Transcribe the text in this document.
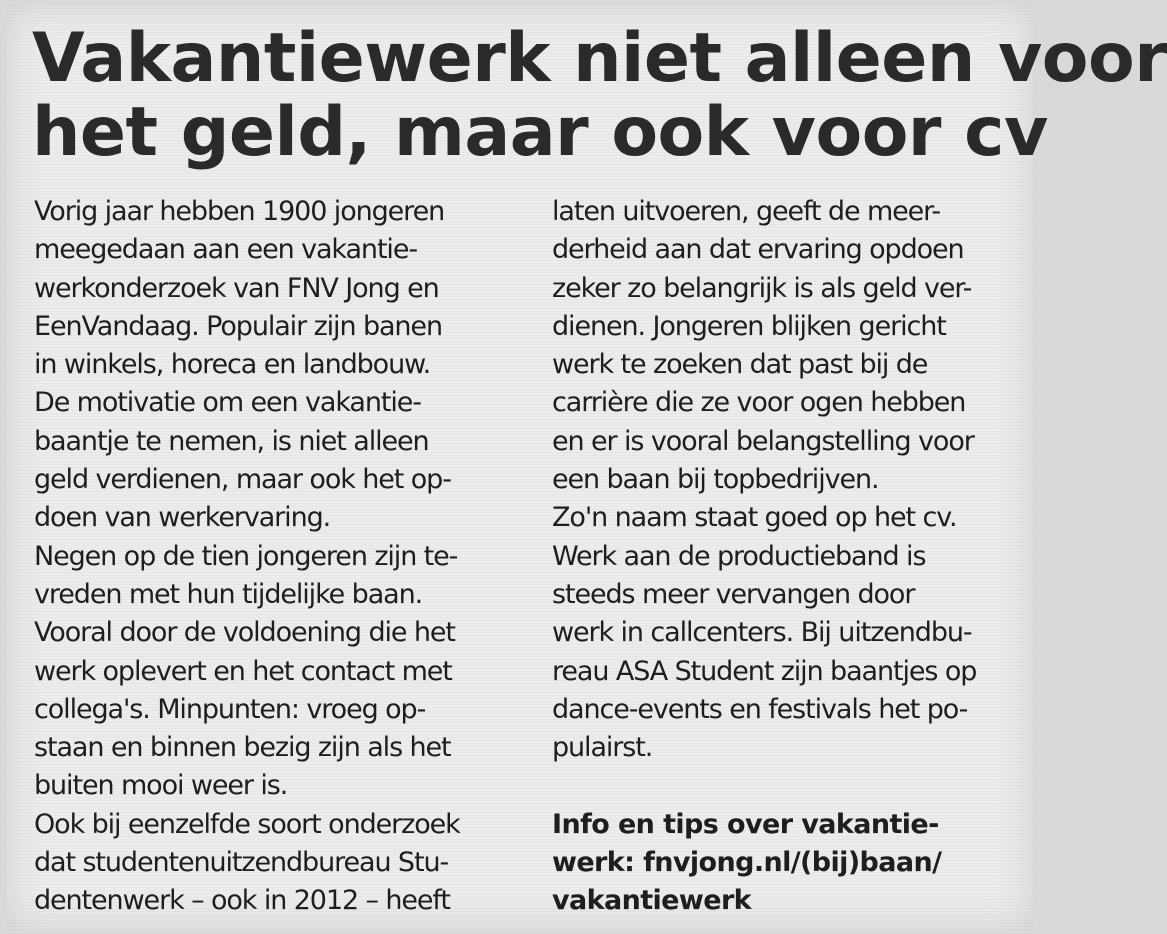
Vakantiewerk niet alleen voor
het geld, maar ook voor cv
Vorig jaar hebben 1900 jongeren
meegedaan aan een vakantie-
werkonderzoek van FNV Jong en
EenVandaag. Populair zijn banen
in winkels, horeca en landbouw.
De motivatie om een vakantie-
baantje te nemen, is niet alleen
geld verdienen, maar ook het op-
doen van werkervaring.
Negen op de tien jongeren zijn te-
vreden met hun tijdelijke baan.
Vooral door de voldoening die het
werk oplevert en het contact met
collega's. Minpunten: vroeg op-
staan en binnen bezig zijn als het
buiten mooi weer is.
Ook bij eenzelfde soort onderzoek
dat studentenuitzendbureau Stu-
dentenwerk – ook in 2012 – heeft
laten uitvoeren, geeft de meer-
derheid aan dat ervaring opdoen
zeker zo belangrijk is als geld ver-
dienen. Jongeren blijken gericht
werk te zoeken dat past bij de
carrière die ze voor ogen hebben
en er is vooral belangstelling voor
een baan bij topbedrijven.
Zo'n naam staat goed op het cv.
Werk aan de productieband is
steeds meer vervangen door
werk in callcenters. Bij uitzendbu-
reau ASA Student zijn baantjes op
dance-events en festivals het po-
pulairst.
Info en tips over vakantie-
werk: fnvjong.nl/(bij)baan/
vakantiewerk
